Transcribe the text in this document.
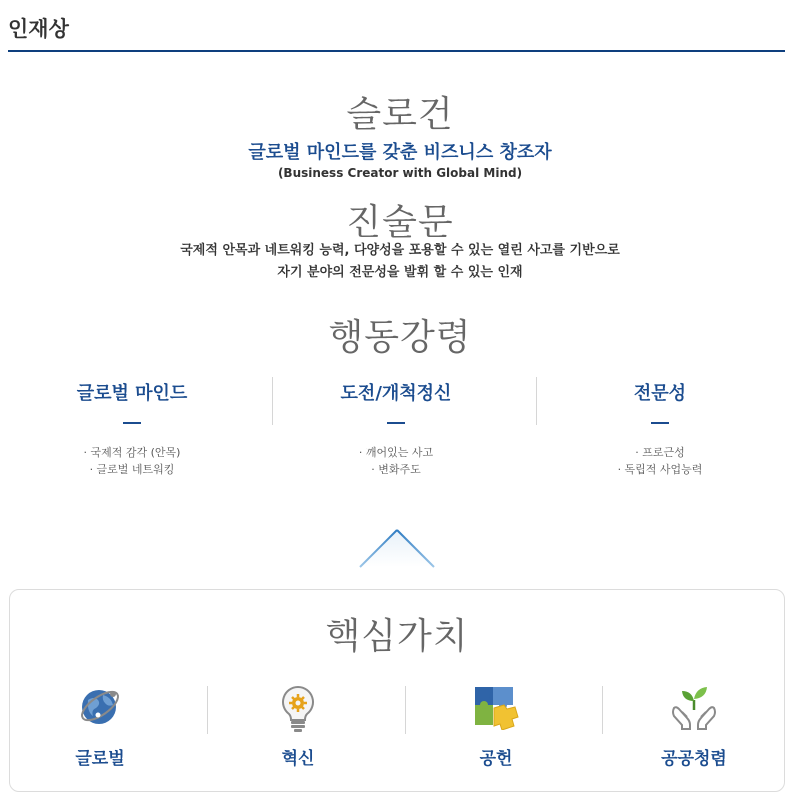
인재상
슬로건
글로벌 마인드를 갖춘 비즈니스 창조자
(Business Creator with Global Mind)
진술문
국제적 안목과 네트워킹 능력, 다양성을 포용할 수 있는 열린 사고를 기반으로
자기 분야의 전문성을 발휘 할 수 있는 인재
행동강령
글로벌 마인드
· 국제적 감각 (안목)
· 글로벌 네트워킹
도전/개척정신
· 깨어있는 사고
· 변화주도
전문성
· 프로근성
· 독립적 사업능력
핵심가치
글로벌	혁신	공헌	공공청렴
